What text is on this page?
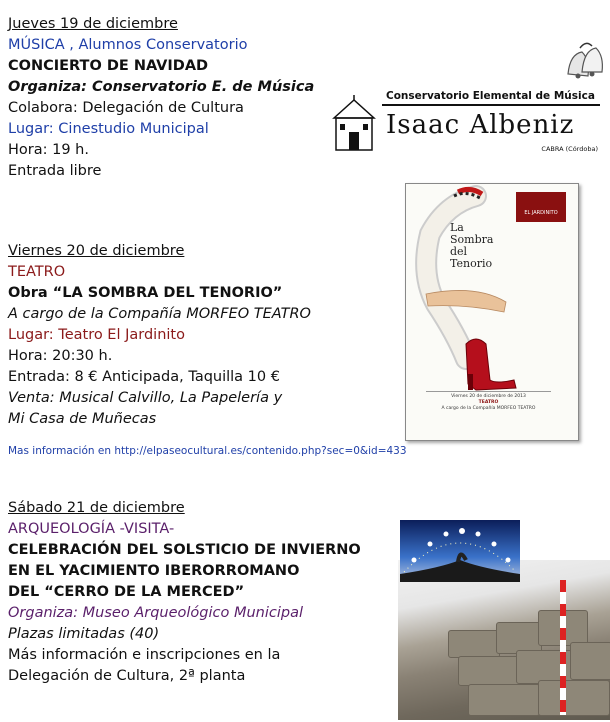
Jueves 19 de diciembre
MÚSICA , Alumnos Conservatorio
CONCIERTO DE NAVIDAD
Organiza: Conservatorio E. de Música
Colabora: Delegación de Cultura
Lugar: Cinestudio Municipal
Hora: 19 h.
Entrada libre
Conservatorio Elemental de Música
Isaac Albeniz
CABRA (Córdoba)
Viernes 20 de diciembre
TEATRO
Obra “LA SOMBRA DEL TENORIO”
A cargo de la Compañía MORFEO TEATRO
Lugar: Teatro El Jardinito
Hora: 20:30 h.
Entrada: 8 € Anticipada, Taquilla 10 €
Venta: Musical Calvillo, La Papelería y
Mi Casa de Muñecas
Mas información en http://elpaseocultural.es/contenido.php?sec=0&id=433
EL JARDINITO
La
Sombra
del
Tenorio
Viernes 20 de diciembre de 2013
TEATRO
A cargo de la Compañía MORFEO TEATRO
Sábado 21 de diciembre
ARQUEOLOGÍA -VISITA-
CELEBRACIÓN DEL SOLSTICIO DE INVIERNO
EN EL YACIMIENTO IBERORROMANO
DEL “CERRO DE LA MERCED”
Organiza: Museo Arqueológico Municipal
Plazas limitadas (40)
Más información e inscripciones en la
Delegación de Cultura, 2ª planta
